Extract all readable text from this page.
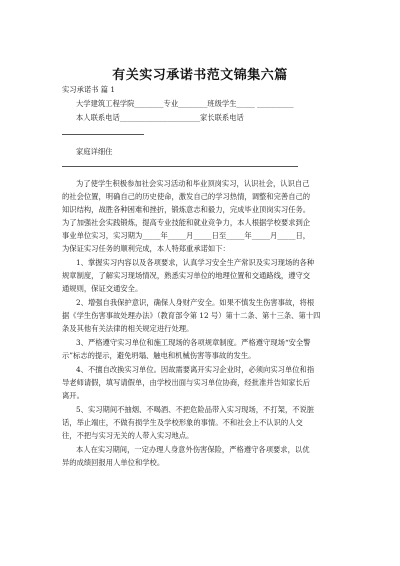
有关实习承诺书范文锦集六篇
实习承诺书 篇 1
大学建筑工程学院________专业________班级学生_____ __________
本人联系电话______________________家长联系电话
家庭详细住
为了使学生积极参加社会实习活动和毕业顶岗实习，认识社会，认识自己
的社会位置，明确自己的历史使命，激发自己的学习热情，调整和完善自己的
知识结构，战胜各种困难和挫折，锻炼意志和毅力，完成毕业顶岗实习任务。
为了加强社会实践锻炼，提高专业技能和就业竞争力，本人根据学校要求到企
事业单位实习，实习期为_____年_____月_____日至_____年_____月_____日，
为保证实习任务的顺利完成，本人特郑重承诺如下：
1、掌握实习内容以及各项要求，认真学习安全生产常识及实习现场的各种
规章制度，了解实习现场情况，熟悉实习单位的地理位置和交通路线，遵守交
通规则，保证交通安全。
2、增强自我保护意识，确保人身财产安全。如果不慎发生伤害事故，将根
据《学生伤害事故处理办法》（教育部令第 12 号）第十二条、第十三条、第十四
条及其他有关法律的相关规定进行处理。
3、严格遵守实习单位和施工现场的各项规章制度。严格遵守现场“安全警
示”标志的提示，避免坍塌、触电和机械伤害等事故的发生。
4、不擅自改换实习单位。因故需要离开实习企业时，必须向实习单位和指
导老师请假，填写请假单，由学校出面与实习单位协商，经批准并告知家长后
离开。
5、实习期间不抽烟、不喝酒、不把危险品带入实习现场，不打架，不说脏
话，举止端庄，不做有损学生及学校形象的事情。不和社会上不认识的人交
往，不把与实习无关的人带入实习地点。
本人在实习期间，一定办理人身意外伤害保险，严格遵守各项要求，以优
异的成绩回报用人单位和学校。
